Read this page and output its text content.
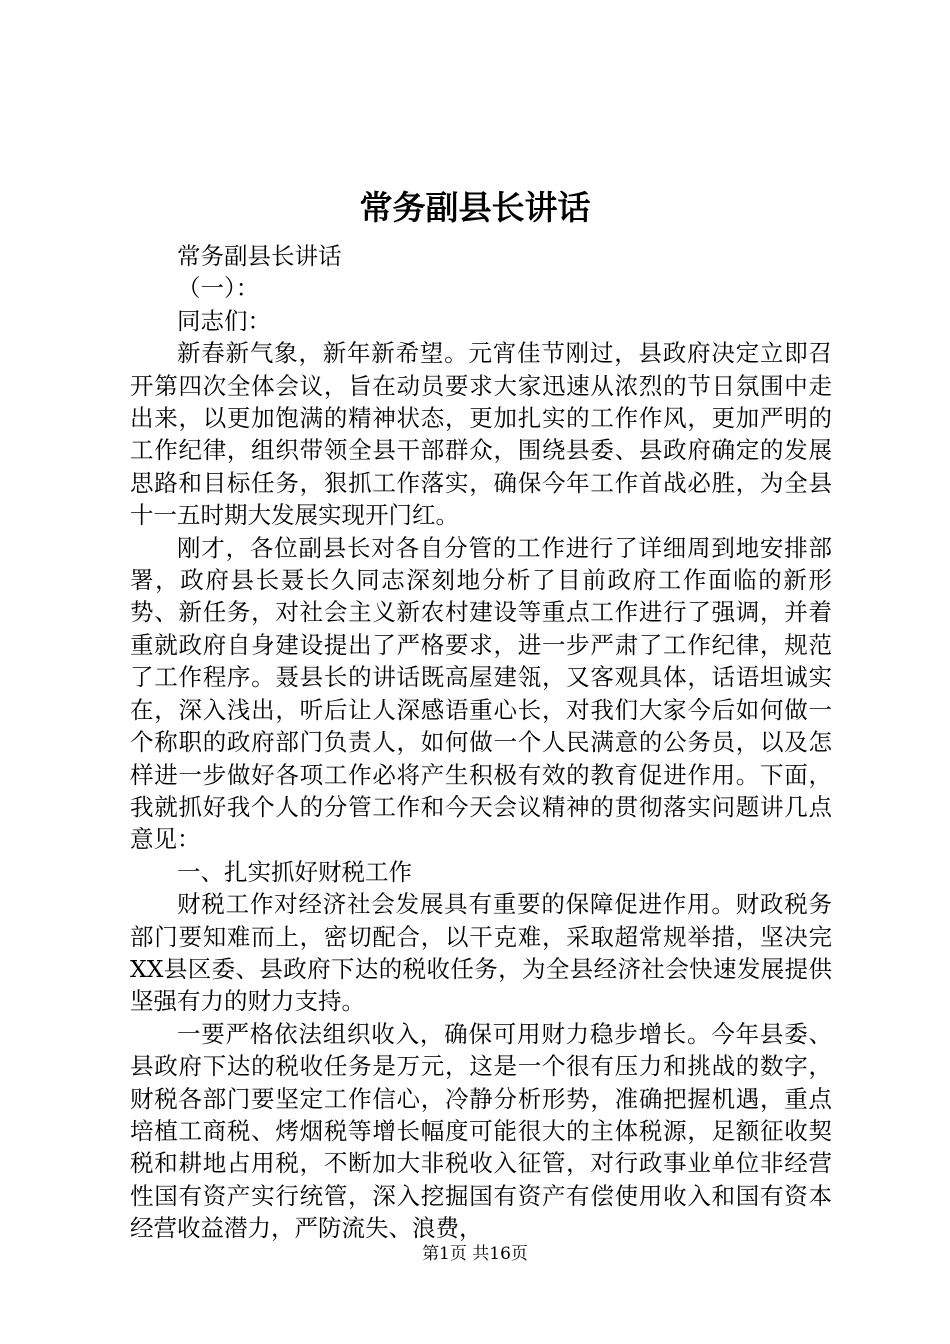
常务副县长讲话

常务副县长讲话

（一）：

同志们：

新春新气象，新年新希望。元宵佳节刚过，县政府决定立即召开第四次全体会议，旨在动员要求大家迅速从浓烈的节日氛围中走出来，以更加饱满的精神状态，更加扎实的工作作风，更加严明的工作纪律，组织带领全县干部群众，围绕县委、县政府确定的发展思路和目标任务，狠抓工作落实，确保今年工作首战必胜，为全县十一五时期大发展实现开门红。

刚才，各位副县长对各自分管的工作进行了详细周到地安排部署，政府县长聂长久同志深刻地分析了目前政府工作面临的新形势、新任务，对社会主义新农村建设等重点工作进行了强调，并着重就政府自身建设提出了严格要求，进一步严肃了工作纪律，规范了工作程序。聂县长的讲话既高屋建瓴，又客观具体，话语坦诚实在，深入浅出，听后让人深感语重心长，对我们大家今后如何做一个称职的政府部门负责人，如何做一个人民满意的公务员，以及怎样进一步做好各项工作必将产生积极有效的教育促进作用。下面，我就抓好我个人的分管工作和今天会议精神的贯彻落实问题讲几点意见：

一、扎实抓好财税工作

财税工作对经济社会发展具有重要的保障促进作用。财政税务部门要知难而上，密切配合，以干克难，采取超常规举措，坚决完XX县区委、县政府下达的税收任务，为全县经济社会快速发展提供坚强有力的财力支持。

一要严格依法组织收入，确保可用财力稳步增长。今年县委、县政府下达的税收任务是万元，这是一个很有压力和挑战的数字，财税各部门要坚定工作信心，冷静分析形势，准确把握机遇，重点培植工商税、烤烟税等增长幅度可能很大的主体税源，足额征收契税和耕地占用税，不断加大非税收入征管，对行政事业单位非经营性国有资产实行统管，深入挖掘国有资产有偿使用收入和国有资本经营收益潜力，严防流失、浪费，

第1页 共16页
